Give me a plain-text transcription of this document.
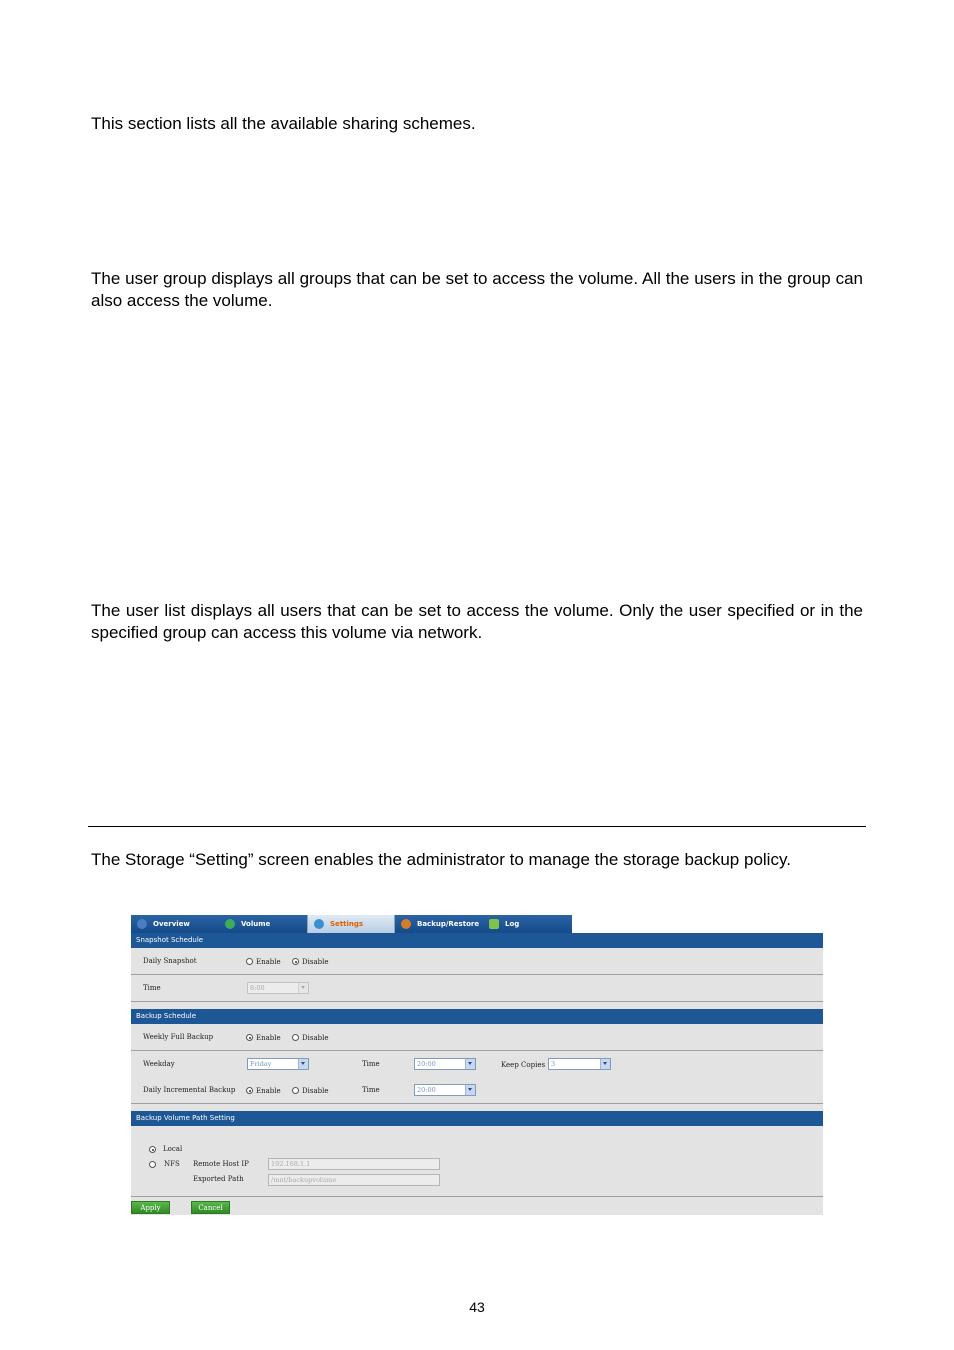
This section lists all the available sharing schemes.

The user group displays all groups that can be set to access the volume. All the users in the group can also access the volume.

The user list displays all users that can be set to access the volume. Only the user specified or in the specified group can access this volume via network.

The Storage “Setting” screen enables the administrator to manage the storage backup policy.

Overview	Volume	Settings	Backup/Restore	Log
Snapshot Schedule
Daily Snapshot	Enable	Disable
Time	8:00
Backup Schedule
Weekly Full Backup	Enable	Disable
Weekday	Friday	Time	20:00	Keep Copies 3
Daily Incremental Backup	Enable	Disable	Time	20:00
Backup Volume Path Setting
Local
NFS Remote Host IP	192.168.1.1
Exported Path	/mnt/backupvolume
Apply	Cancel
43
